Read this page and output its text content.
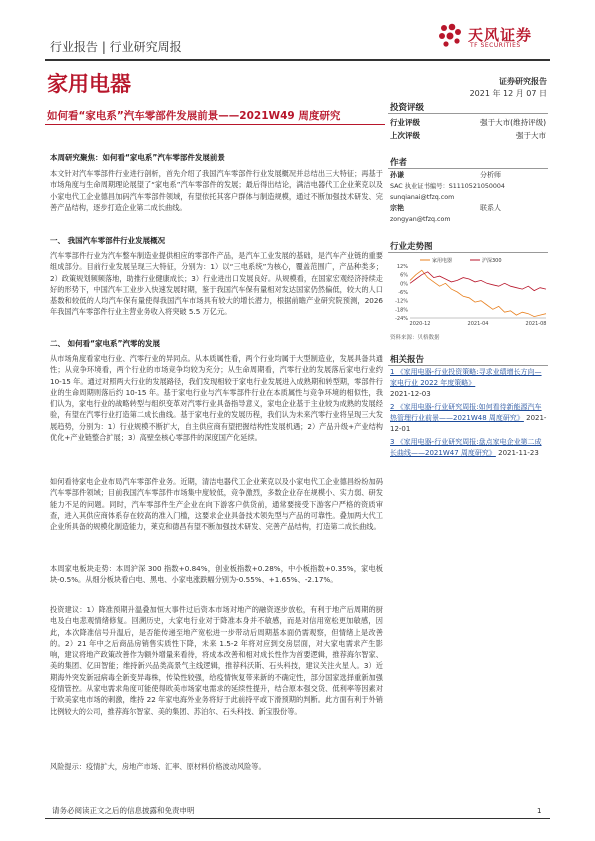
行业报告 | 行业研究周报
天风证券
TF SECURITIES
家用电器	证券研究报告
2021 年 12 月 07 日
如何看“家电系”汽车零部件发展前景——2021W49 周度研究
投资评级
行业评级	强于大市(维持评级)
上次评级	强于大市
作者
孙谦	分析师
SAC 执业证书编号：S1110521050004
sunqianai@tfzq.com
宗艳	联系人
zongyan@tfzq.com
行业走势图
12%
6%
0%
-6%
-12%
-18%
-24%
2020-12	2021-04	2021-08
家用电器	沪深300
资料来源：贝格数据
相关报告
1 《家用电器-行业投资策略:寻求业绩增长方向—家电行业 2022 年度策略》
2021-12-03
2 《家用电器-行业研究周报:如何看待新能源汽车热管理行业前景——2021W48 周度研究》 2021-12-01
3 《家用电器-行业研究周报:盘点家电企业第二成长曲线——2021W47 周度研究》 2021-11-23
本周研究聚焦：如何看“家电系”汽车零部件发展前景
本文针对汽车零部件行业进行剖析，首先介绍了我国汽车零部件行业发展概况并总结出三大特征；再基于市场角度与生命周期理论展望了“家电系”汽车零部件的发展；最后得出结论，满洁电器代工企业莱克以及小家电代工企业德昌加码汽车零部件领域，有望依托其客户群体与制造规模，通过不断加强技术研发、完善产品结构，逐步打造企业第二成长曲线。
一、 我国汽车零部件行业发展概况
汽车零部件行业为汽车整车制造业提供相应的零部件产品，是汽车工业发展的基础，是汽车产业链的重要组成部分。目前行业发展呈现三大特征，分别为：1）以“三电系统”为核心，覆盖范围广，产品种类多；2）政策规划频频落地，助推行业健康成长；3）行业进出口发展良好。从规模看，在国家宏观经济持续走好的形势下，中国汽车工业步入快速发展时期，鉴于我国汽车保有量相对发达国家仍然偏低，较大的人口基数和较低的人均汽车保有量使得我国汽车市场具有较大的增长潜力，根据前瞻产业研究院预测，2026 年我国汽车零部件行业主营业务收入将突破 5.5 万亿元。
二、 如何看“家电系”汽零的发展
从市场角度看家电行业、汽零行业的异同点。从本质属性看，两个行业均属于大型制造业，发展具备共通性；从竞争环境看，两个行业的市场竞争均较为充分；从生命周期看，汽零行业的发展落后家电行业约 10-15 年。通过对照两大行业的发展路径，我们发现相较于家电行业发展进入成熟期和转型期，零部件行业的生命周期则落后约 10-15 年。基于家电行业与汽车零部件行业在本质属性与竞争环境的相似性，我们认为，家电行业的战略转型与组织变革对汽零行业具备指导意义，家电企业基于主业较为成熟的发展经验，有望在汽零行业打造第二成长曲线。基于家电行业的发展历程，我们认为未来汽零行业将呈现三大发展趋势，分别为：1）行业规模不断扩大，自主供应商有望把握结构性发展机遇；2）产品升级+产业结构优化+产业链整合扩展；3）高壁垒核心零部件的深度国产化延续。
如何看待家电企业布局汽车零部件业务。近期，清洁电器代工企业莱克以及小家电代工企业德昌纷纷加码汽车零部件领域；目前我国汽车零部件市场集中度较低，竞争激烈，多数企业存在规模小、实力弱、研发能力不足的问题。同时，汽车零部件生产企业在向下游客户供货前，通常要接受下游客户严格的资质审查，进入其供应商体系存在较高的准入门槛，这要求企业具备技术领先型与产品的可靠性。叠加两大代工企业所具备的规模化制造能力，莱克和德昌有望不断加强技术研发、完善产品结构，打造第二成长曲线。
本周家电板块走势：本周沪深 300 指数+0.84%，创业板指数+0.28%，中小板指数+0.35%，家电板块-0.5%。从细分板块看白电、黑电、小家电涨跌幅分别为-0.55%、+1.65%、-2.17%。
投资建议：1）降准预期升温叠加恒大事件过后资本市场对地产的融资逐步放松，有利于地产后周期的厨电及白电悲观情绪修复。回溯历史，大家电行业对于降准本身并不敏感，而是对信用宽松更加敏感，因此，本次降准信号升温后，是否能传递至地产宽松进一步带动后周期基本面仍需观察，但情绪上是改善的。2）21 年中之后商品房销售实质性下降，未来 1.5-2 年将对应到交房层面，对大家电需求产生影响，建议将地产政策改善作为额外增量来看待，将成本改善和相对成长性作为首要逻辑，推荐海尔智家、美的集团、亿田智能；维持新兴品类高景气主线逻辑，推荐科沃斯、石头科技，建议关注火星人。3）近期海外突发新冠病毒全新变异毒株，传染性较强，给疫情恢复带来新的不确定性，部分国家选择重新加强疫情管控。从家电需求角度可能使得欧美市场家电需求的延续性提升，结合原本强交货、低利率等因素对于欧美家电市场的刺激，维持 22 年家电海外业务将好于此前持平或下滑预期的判断。此方面有利于外销比例较大的公司，推荐海尔智家、美的集团、苏泊尔、石头科技、新宝股份等。
风险提示：疫情扩大，房地产市场、汇率、原材料价格波动风险等。
请务必阅读正文之后的信息披露和免责申明	1
